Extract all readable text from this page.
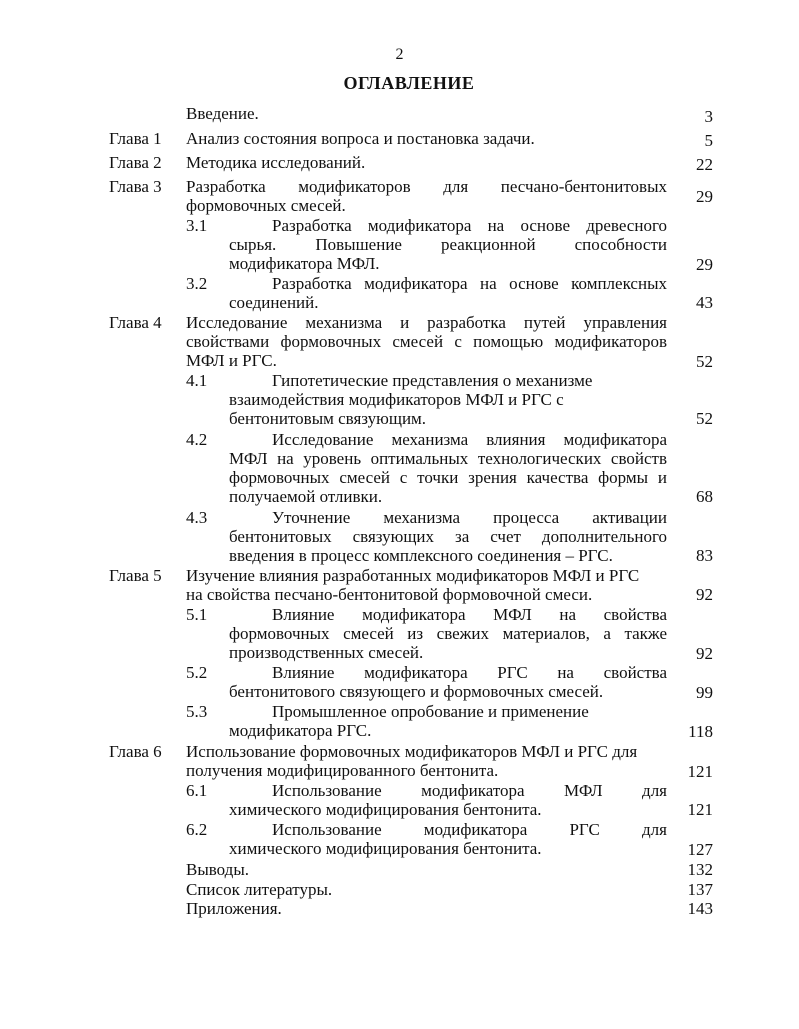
2
ОГЛАВЛЕНИЕ
Введение.	3
Глава 1 Анализ состояния вопроса и постановка задачи.	5
Глава 2 Методика исследований.	22
Глава 3 Разработка модификаторов для песчано-бентонитовых
формовочных смесей.	29
3.1	Разработка модификатора на основе древесного
сырья. Повышение реакционной способности
модификатора МФЛ.	29
3.2	Разработка модификатора на основе комплексных
соединений.	43
Глава 4 Исследование механизма и разработка путей управления
свойствами формовочных смесей с помощью модификаторов
МФЛ и РГС.	52
4.1	Гипотетические представления о механизме
взаимодействия модификаторов МФЛ и РГС с
бентонитовым связующим.	52
4.2	Исследование механизма влияния модификатора
МФЛ на уровень оптимальных технологических свойств
формовочных смесей с точки зрения качества формы и
получаемой отливки.	68
4.3	Уточнение механизма процесса активации
бентонитовых связующих за счет дополнительного
введения в процесс комплексного соединения – РГС.	83
Глава 5 Изучение влияния разработанных модификаторов МФЛ и РГС
на свойства песчано-бентонитовой формовочной смеси.	92
5.1	Влияние модификатора МФЛ на свойства
формовочных смесей из свежих материалов, а также
производственных смесей.	92
5.2	Влияние модификатора РГС на свойства
бентонитового связующего и формовочных смесей.	99
5.3	Промышленное опробование и применение
модификатора РГС.	118
Глава 6 Использование формовочных модификаторов МФЛ и РГС для
получения модифицированного бентонита.	121
6.1	Использование модификатора МФЛ для
химического модифицирования бентонита.	121
6.2	Использование модификатора РГС для
химического модифицирования бентонита.	127
Выводы.	132
Список литературы.	137
Приложения.	143
